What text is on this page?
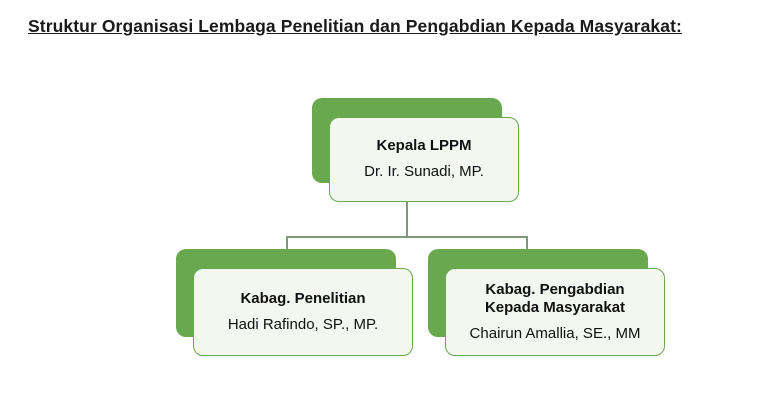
Struktur Organisasi Lembaga Penelitian dan Pengabdian Kepada Masyarakat:
Kepala LPPM
Dr. Ir. Sunadi, MP.
Kabag. Penelitian
Hadi Rafindo, SP., MP.
Kabag. Pengabdian
Kepada Masyarakat
Chairun Amallia, SE., MM
